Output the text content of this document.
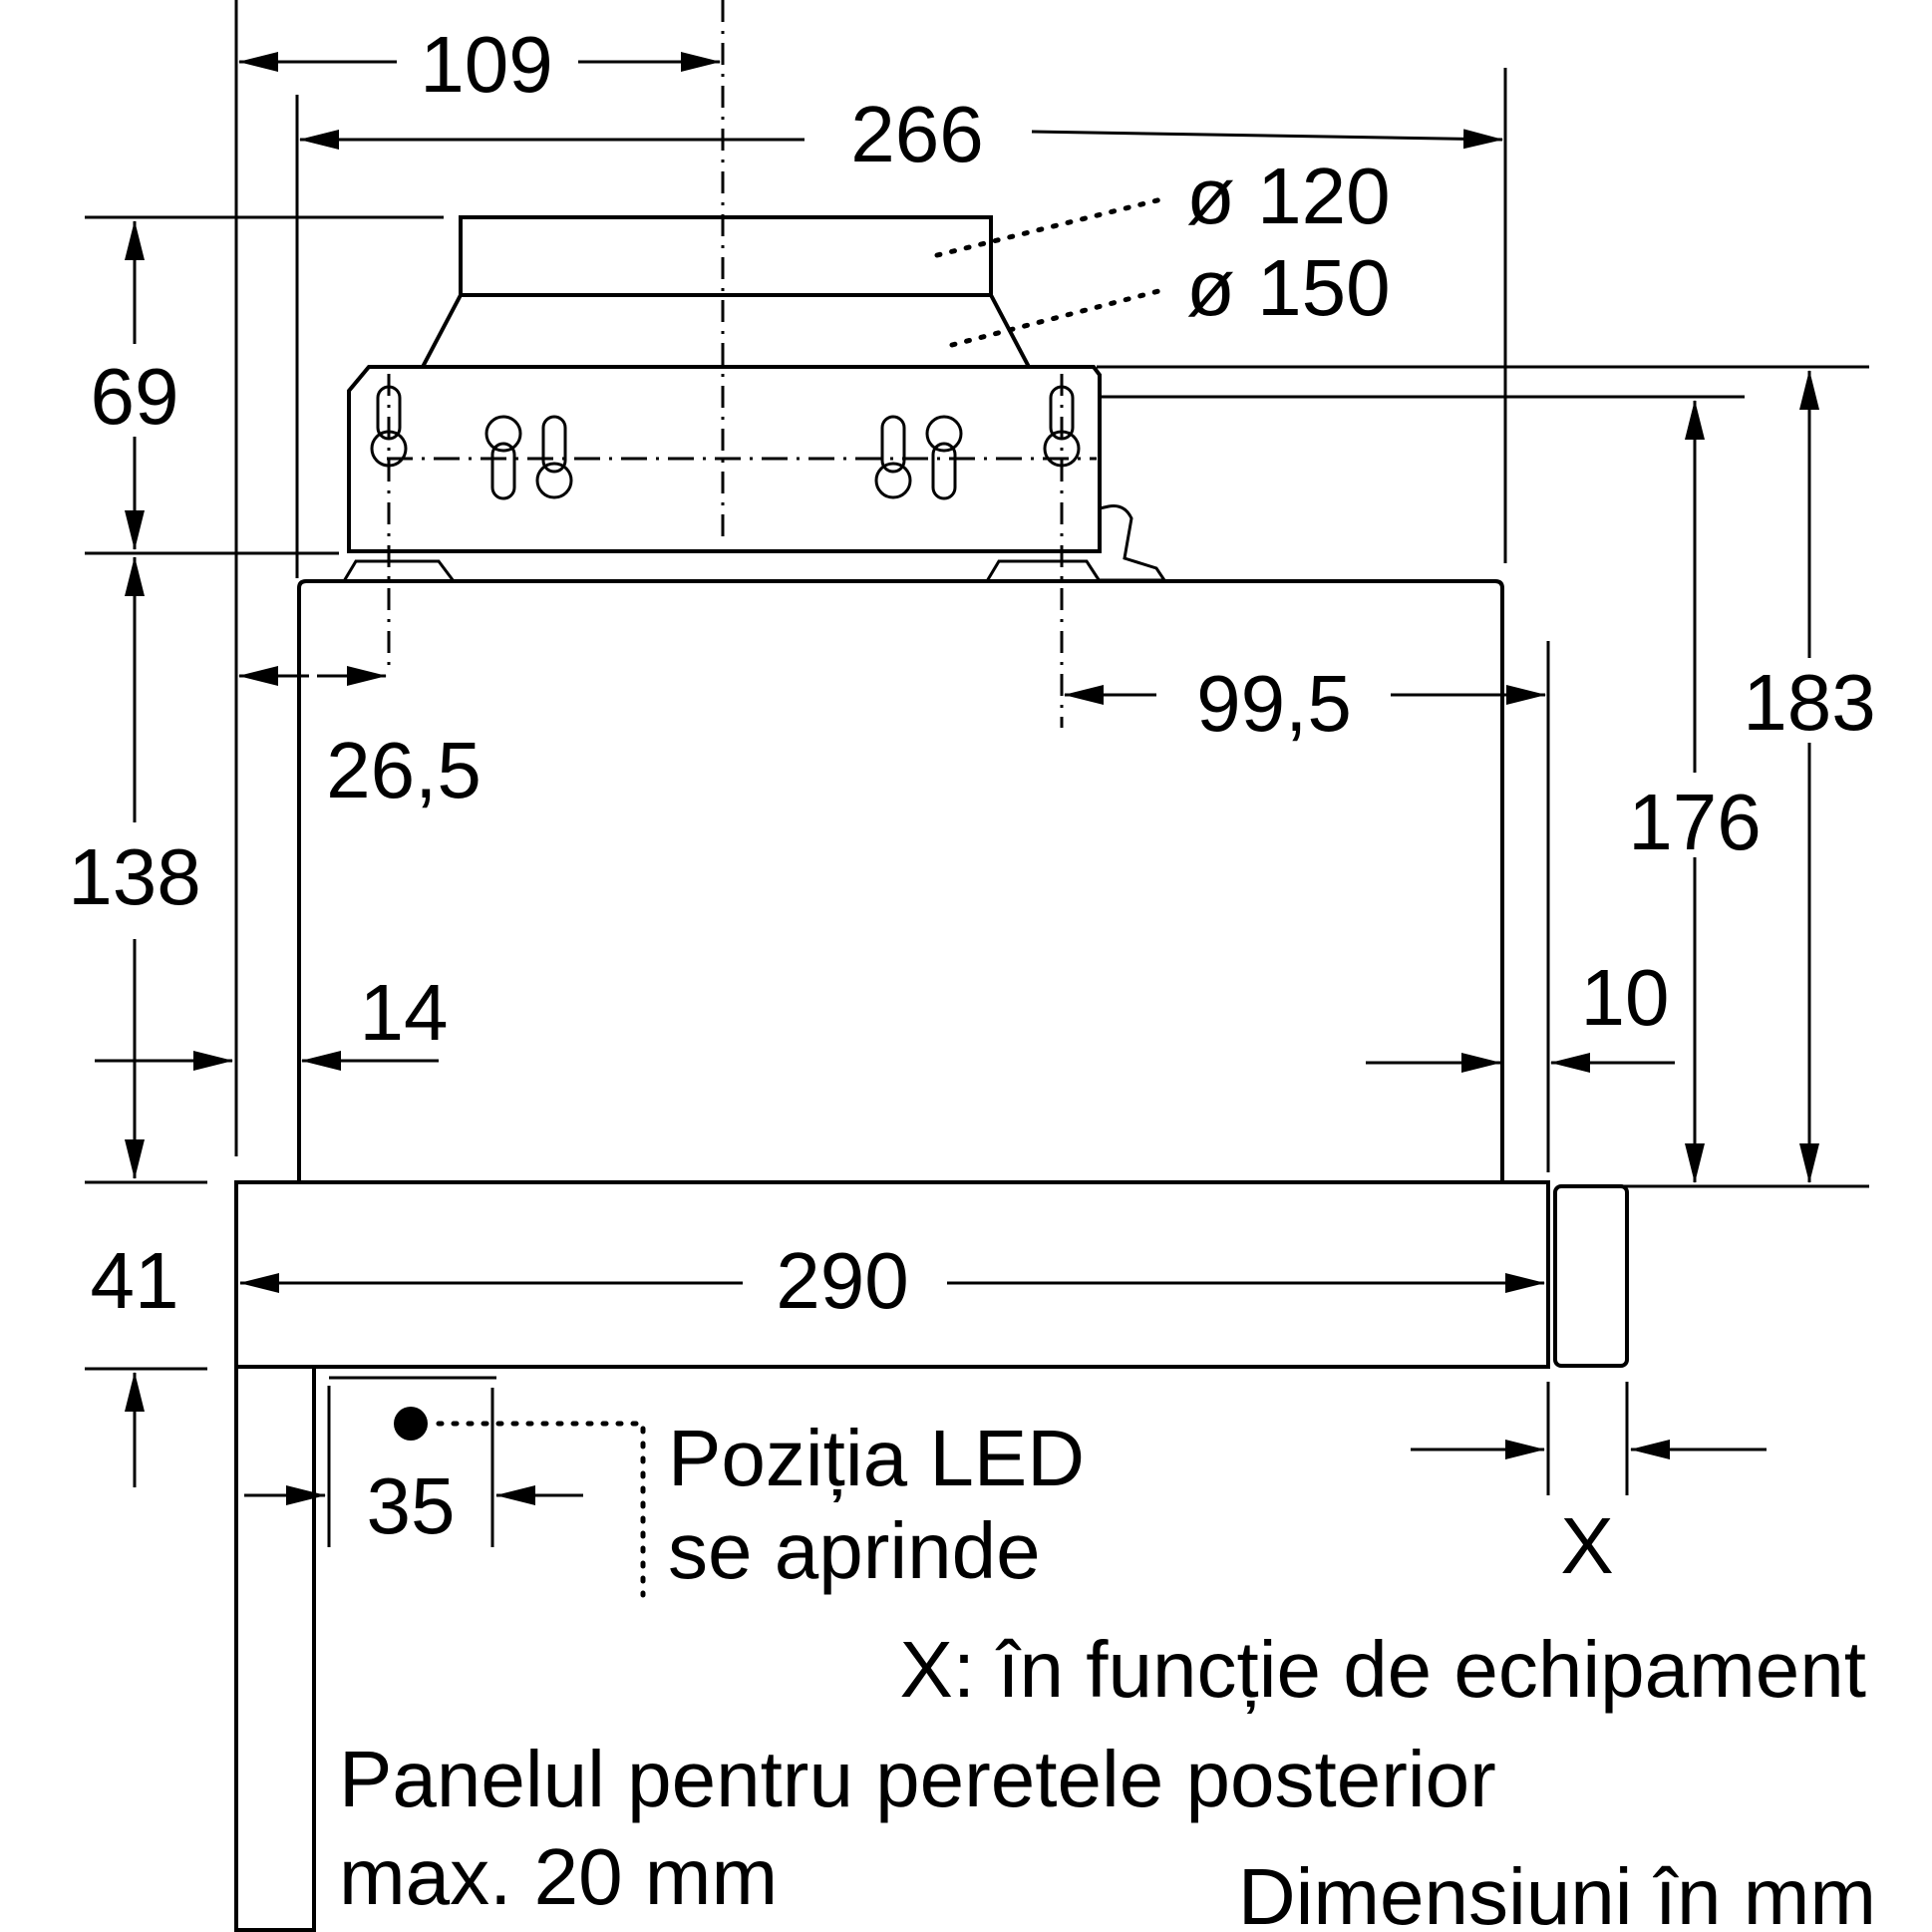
109
266
69
138
41
26,5
14
99,5	183
176
10
290
35
ø 120
ø 150
Poziția LED
se aprinde	X
X: în funcție de echipament
Panelul pentru peretele posterior
max. 20 mm	Dimensiuni în mm
